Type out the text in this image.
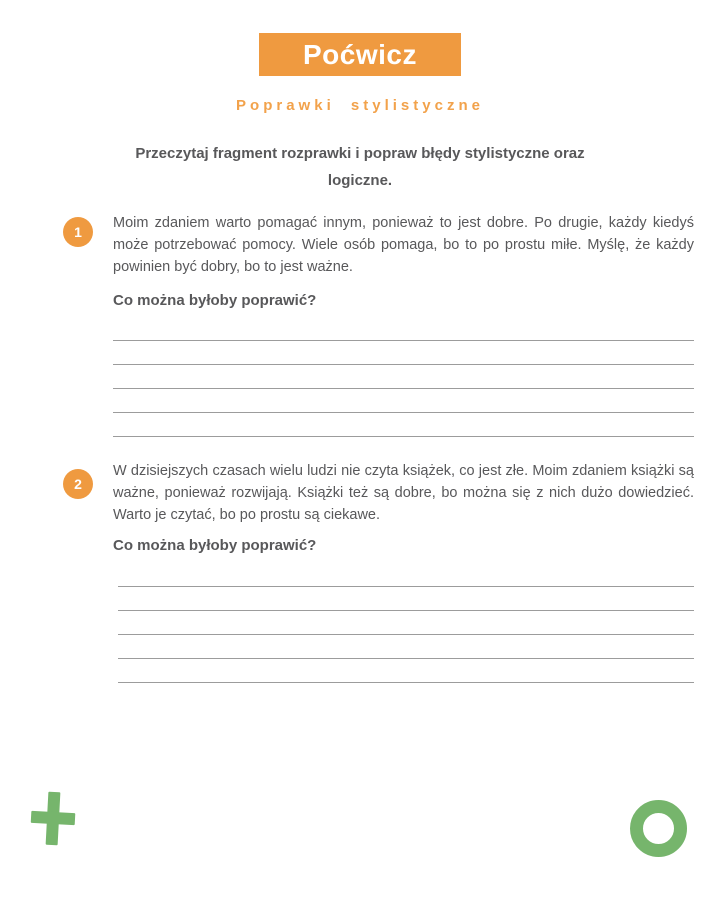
Poćwicz
Poprawki stylistyczne
Przeczytaj fragment rozprawki i popraw błędy stylistyczne oraz
logiczne.
1
Moim zdaniem warto pomagać innym, ponieważ to jest dobre. Po drugie, każdy kiedyś może potrzebować pomocy. Wiele osób pomaga, bo to po prostu miłe. Myślę, że każdy powinien być dobry, bo to jest ważne.
Co można byłoby poprawić?
2
W dzisiejszych czasach wielu ludzi nie czyta książek, co jest złe. Moim zdaniem książki są ważne, ponieważ rozwijają. Książki też są dobre, bo można się z nich dużo dowiedzieć. Warto je czytać, bo po prostu są ciekawe.
Co można byłoby poprawić?
